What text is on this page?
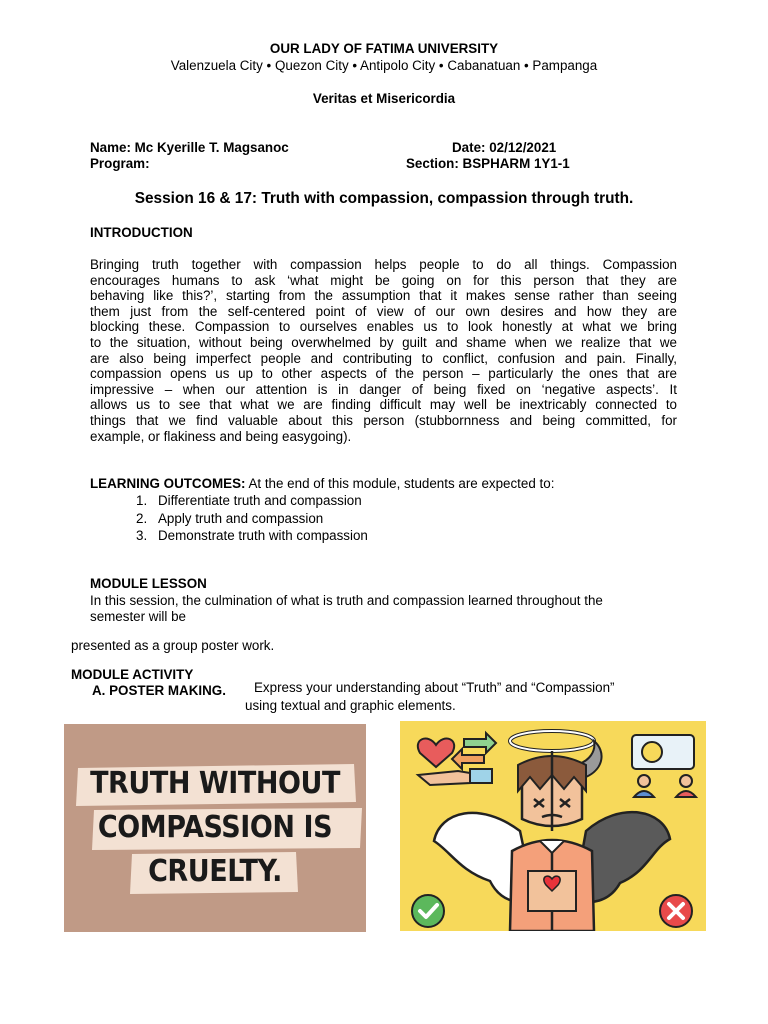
OUR LADY OF FATIMA UNIVERSITY
Valenzuela City • Quezon City • Antipolo City • Cabanatuan • Pampanga
Veritas et Misericordia
Name: Mc Kyerille T. Magsanoc
Program:
Date: 02/12/2021
Section: BSPHARM 1Y1-1
Session 16 & 17: Truth with compassion, compassion through truth.
INTRODUCTION

Bringing truth together with compassion helps people to do all things. Compassion

encourages humans to ask ‘what might be going on for this person that they are

behaving like this?’, starting from the assumption that it makes sense rather than seeing

them just from the self-centered point of view of our own desires and how they are

blocking these. Compassion to ourselves enables us to look honestly at what we bring

to the situation, without being overwhelmed by guilt and shame when we realize that we

are also being imperfect people and contributing to conflict, confusion and pain. Finally,

compassion opens us up to other aspects of the person – particularly the ones that are

impressive – when our attention is in danger of being fixed on ‘negative aspects’. It

allows us to see that what we are finding difficult may well be inextricably connected to

things that we find valuable about this person (stubbornness and being committed, for

example, or flakiness and being easygoing).

LEARNING OUTCOMES: At the end of this module, students are expected to:
1. Differentiate truth and compassion
2. Apply truth and compassion
3. Demonstrate truth with compassion
MODULE LESSON
In this session, the culmination of what is truth and compassion learned throughout the
semester will be
presented as a group poster work.
MODULE ACTIVITY
A. POSTER MAKING. Express your understanding about “Truth” and “Compassion”
using textual and graphic elements.
TRUTH WITHOUT
COMPASSION IS
CRUELTY.
